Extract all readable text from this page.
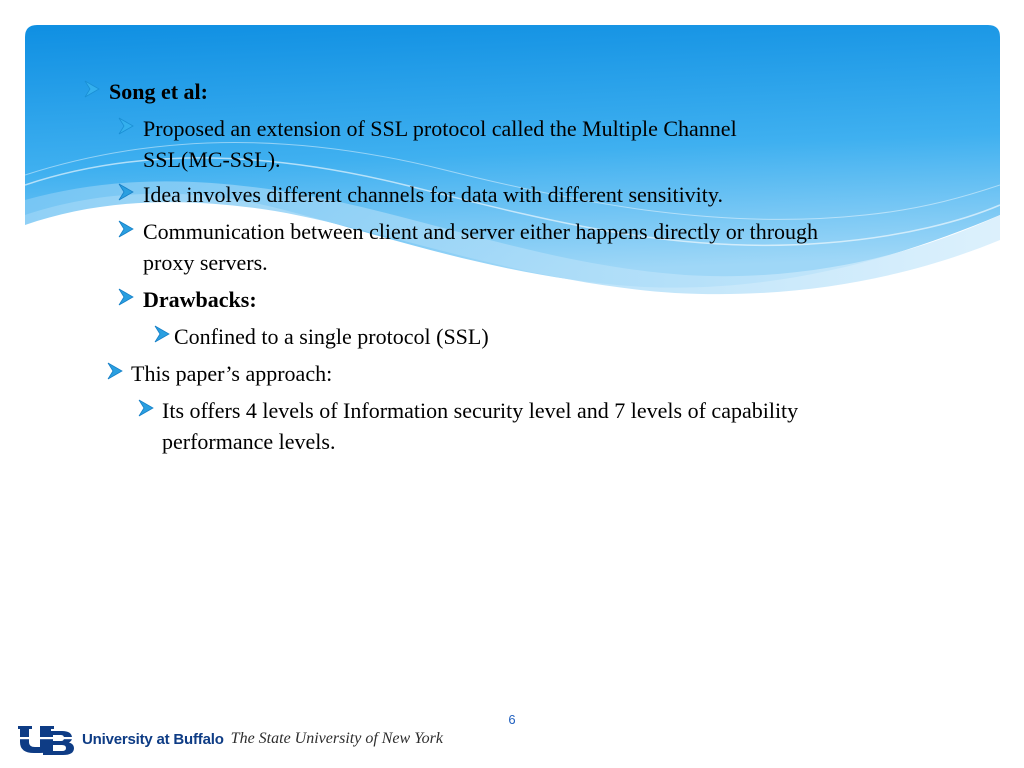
Song et al:
Proposed an extension of SSL protocol called the Multiple Channel
SSL(MC-SSL).
Idea involves different channels for data with different sensitivity.
Communication between client and server either happens directly or through
proxy servers.
Drawbacks:
Confined to a single protocol (SSL)
This paper’s approach:
Its offers 4 levels of Information security level and 7 levels of capability
performance levels.
6
University at Buffalo The State University of New York
